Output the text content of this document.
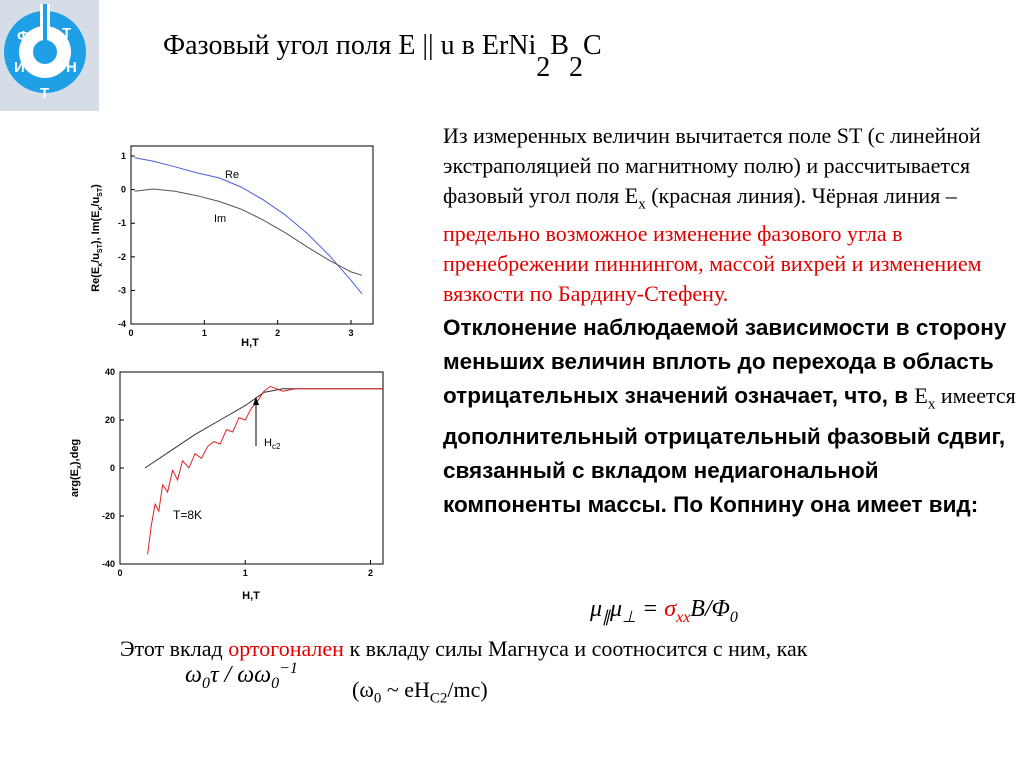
Ф Т
И	Н
Т
Фазовый угол поля E || u в ErNi2B2C
Из измеренных величин вычитается поле ST (с линейной экстраполяцией по магнитному полю) и рассчитывается фазовый угол поля $E_x$ (красная линия). Чёрная линия – предельно возможное изменение фазового угла в пренебрежении пиннингом, массой вихрей и изменением вязкости по Бардину-Стефену.
Отклонение наблюдаемой зависимости в сторону меньших величин вплоть до перехода в область отрицательных значений означает, что, в $E_x$ имеется дополнительный отрицательный фазовый сдвиг, связанный с вкладом недиагональной компоненты массы. По Копнину она имеет вид:
$\mu_\parallel\mu_\perp = \sigma_{xx}B/\Phi_0$
Этот вклад ортогонален к вкладу силы Магнуса и соотносится с ним, как
$\omega_0\tau / \omega\omega_0^{-1}$
($\omega_0$ ~ $eH_{C2}/mc$)
0	1	2	3
1
0
-1
-2
-3
-4
Re
Im
H,T
$Re(E_x/u_{ST})$, $Im(E_x/u_{ST})$
0	1	2
40
20
0
-20
-40
$H_{c2}$
T=8K
H,T
$arg(E_x),deg$
